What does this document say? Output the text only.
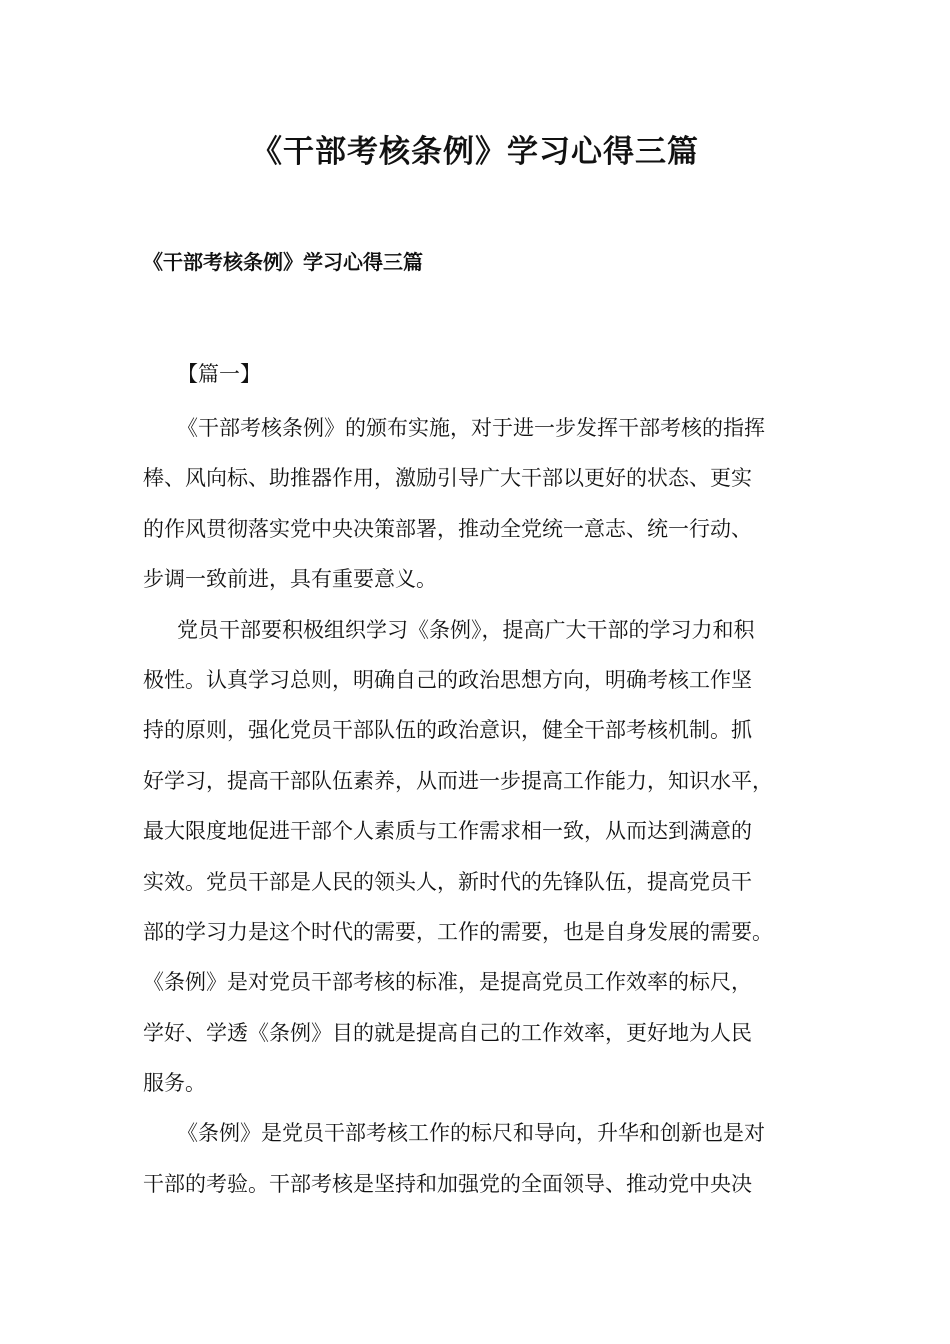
《干部考核条例》学习心得三篇
《干部考核条例》学习心得三篇
【篇一】
《干部考核条例》的颁布实施，对于进一步发挥干部考核的指挥
棒、风向标、助推器作用，激励引导广大干部以更好的状态、更实
的作风贯彻落实党中央决策部署，推动全党统一意志、统一行动、
步调一致前进，具有重要意义。
党员干部要积极组织学习《条例》，提高广大干部的学习力和积
极性。认真学习总则，明确自己的政治思想方向，明确考核工作坚
持的原则，强化党员干部队伍的政治意识，健全干部考核机制。抓
好学习，提高干部队伍素养，从而进一步提高工作能力，知识水平，
最大限度地促进干部个人素质与工作需求相一致，从而达到满意的
实效。党员干部是人民的领头人，新时代的先锋队伍，提高党员干
部的学习力是这个时代的需要，工作的需要，也是自身发展的需要。
《条例》是对党员干部考核的标准，是提高党员工作效率的标尺，
学好、学透《条例》目的就是提高自己的工作效率，更好地为人民
服务。
《条例》是党员干部考核工作的标尺和导向，升华和创新也是对
干部的考验。干部考核是坚持和加强党的全面领导、推动党中央决
